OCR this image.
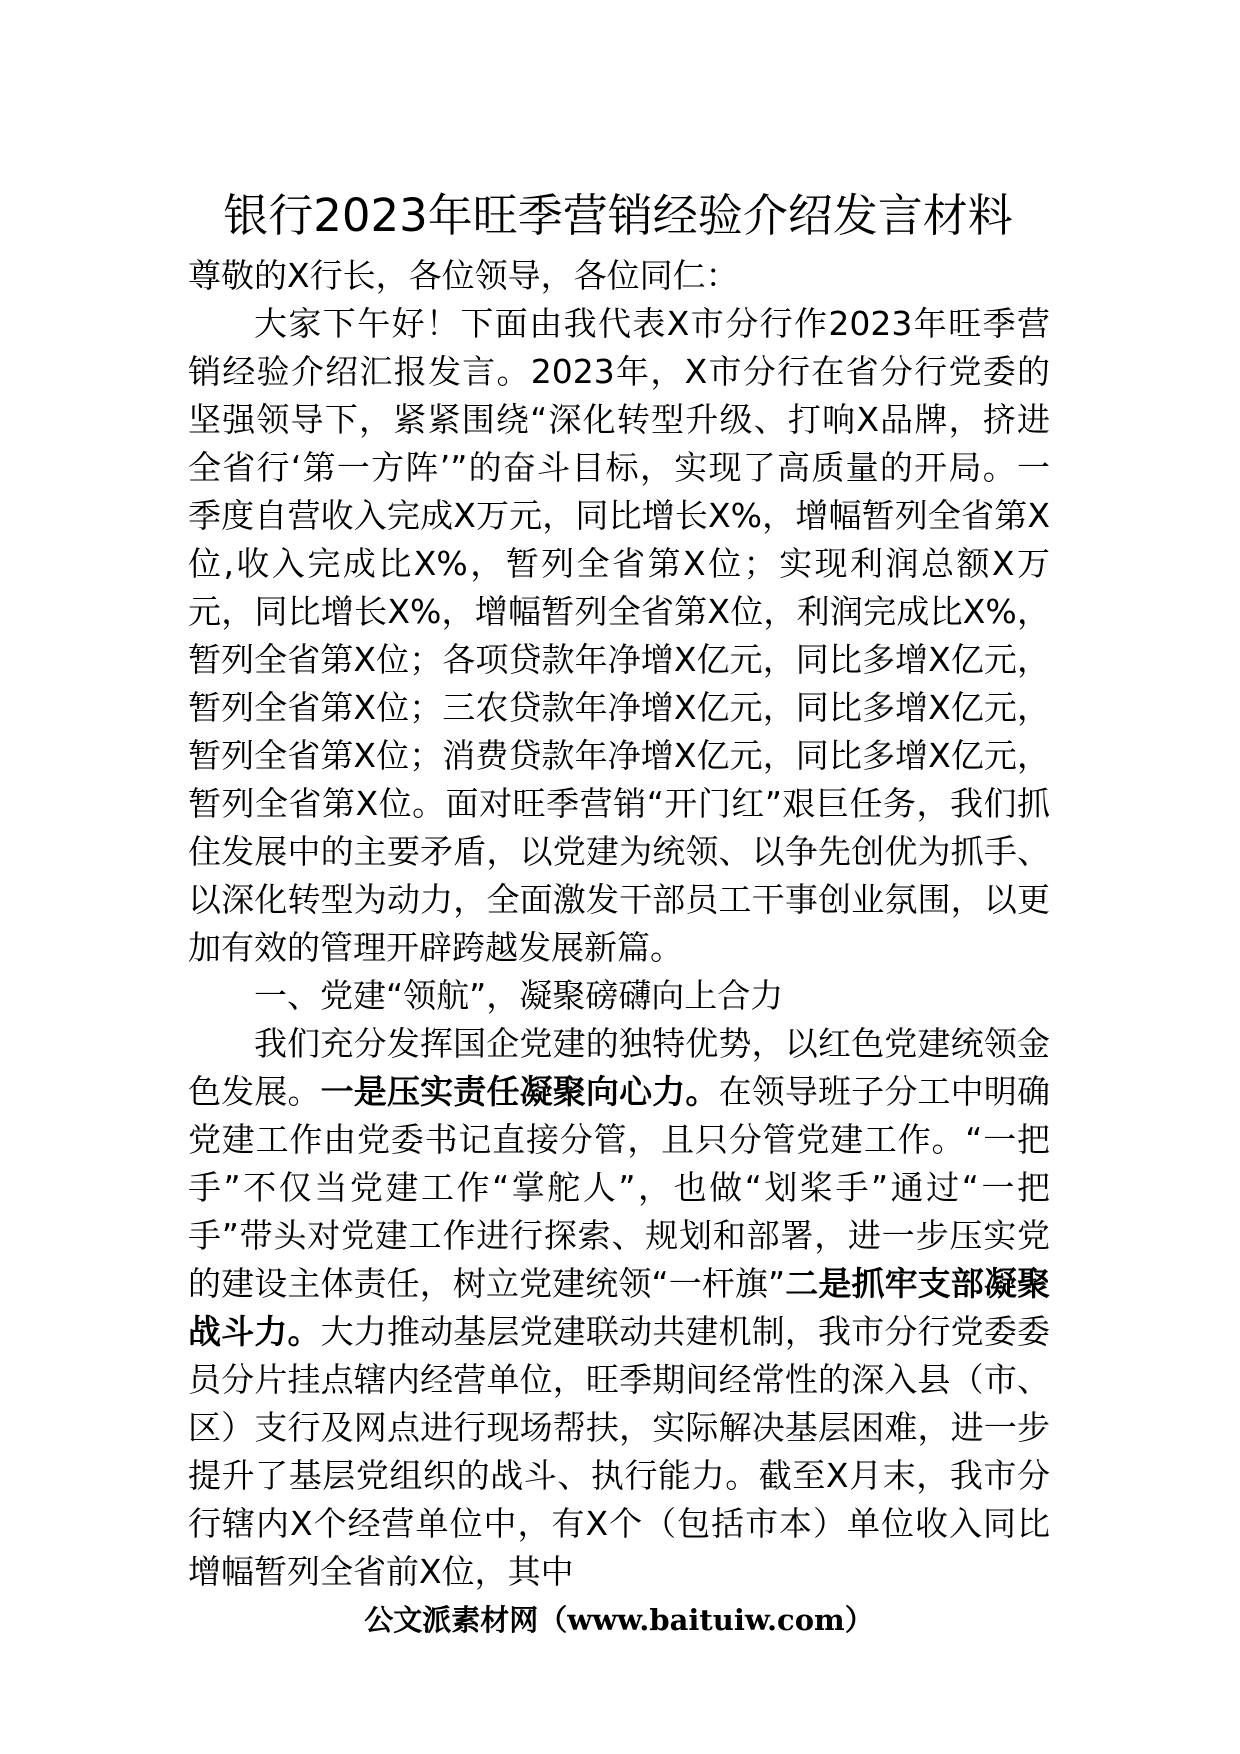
银行2023年旺季营销经验介绍发言材料

尊敬的X行长，各位领导，各位同仁：

大家下午好！下面由我代表X市分行作2023年旺季营销经验介绍汇报发言。2023年，X市分行在省分行党委的坚强领导下，紧紧围绕“深化转型升级、打响X品牌，挤进全省行‘第一方阵’”的奋斗目标，实现了高质量的开局。一季度自营收入完成X万元，同比增长X%，增幅暂列全省第X位,收入完成比X%，暂列全省第X位；实现利润总额X万元，同比增长X%，增幅暂列全省第X位，利润完成比X%，暂列全省第X位；各项贷款年净增X亿元，同比多增X亿元，暂列全省第X位；三农贷款年净增X亿元，同比多增X亿元，暂列全省第X位；消费贷款年净增X亿元，同比多增X亿元，暂列全省第X位。面对旺季营销“开门红”艰巨任务，我们抓住发展中的主要矛盾，以党建为统领、以争先创优为抓手、以深化转型为动力，全面激发干部员工干事创业氛围，以更加有效的管理开辟跨越发展新篇。

一、党建“领航”，凝聚磅礴向上合力

我们充分发挥国企党建的独特优势，以红色党建统领金色发展。一是压实责任凝聚向心力。在领导班子分工中明确党建工作由党委书记直接分管，且只分管党建工作。“一把手”不仅当党建工作“掌舵人”，也做“划桨手”通过“一把手”带头对党建工作进行探索、规划和部署，进一步压实党的建设主体责任，树立党建统领“一杆旗”二是抓牢支部凝聚战斗力。大力推动基层党建联动共建机制，我市分行党委委员分片挂点辖内经营单位，旺季期间经常性的深入县（市、区）支行及网点进行现场帮扶，实际解决基层困难，进一步提升了基层党组织的战斗、执行能力。截至X月末，我市分行辖内X个经营单位中，有X个（包括市本）单位收入同比增幅暂列全省前X位，其中

公文派素材网（www.baituiw.com）
